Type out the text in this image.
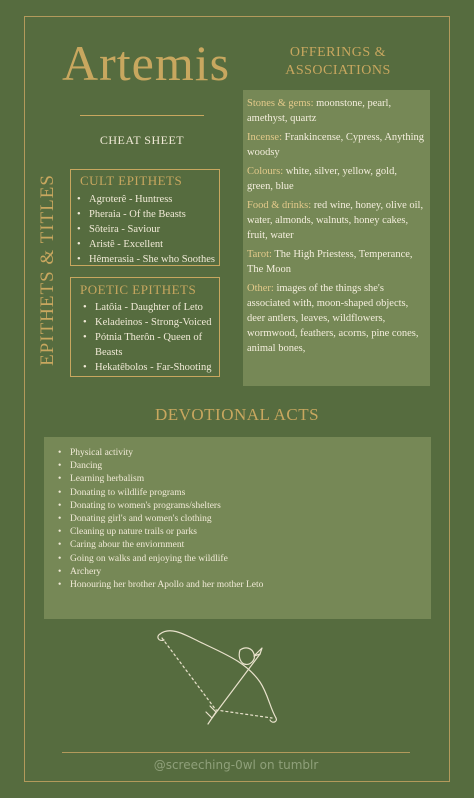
Artemis
CHEAT SHEET
EPITHETS & TITLES CULT EPITHETS
• Agroterê - Huntress
• Pheraia - Of the Beasts
• Sôteira - Saviour
• Aristê - Excellent
• Hêmerasia - She who Soothes
POETIC EPITHETS
• Latôia - Daughter of Leto
• Keladeinos - Strong-Voiced
• Pótnia Therôn - Queen of Beasts
• Hekatêbolos - Far-Shooting
OFFERINGS &
ASSOCIATIONS
Stones & gems: moonstone, pearl, amethyst, quartz
Incense: Frankincense, Cypress, Anything woodsy
Colours: white, silver, yellow, gold, green, blue
Food & drinks: red wine, honey, olive oil, water, almonds, walnuts, honey cakes, fruit, water
Tarot: The High Priestess, Temperance, The Moon
Other: images of the things she's associated with, moon-shaped objects, deer antlers, leaves, wildflowers, wormwood, feathers, acorns, pine cones, animal bones,
DEVOTIONAL ACTS
• Physical activity
• Dancing
• Learning herbalism
• Donating to wildlife programs
• Donating to women's programs/shelters
• Donating girl's and women's clothing
• Cleaning up nature trails or parks
• Caring abour the enviornment
• Going on walks and enjoying the wildlife
• Archery
• Honouring her brother Apollo and her mother Leto
@screeching-0wl on tumblr
